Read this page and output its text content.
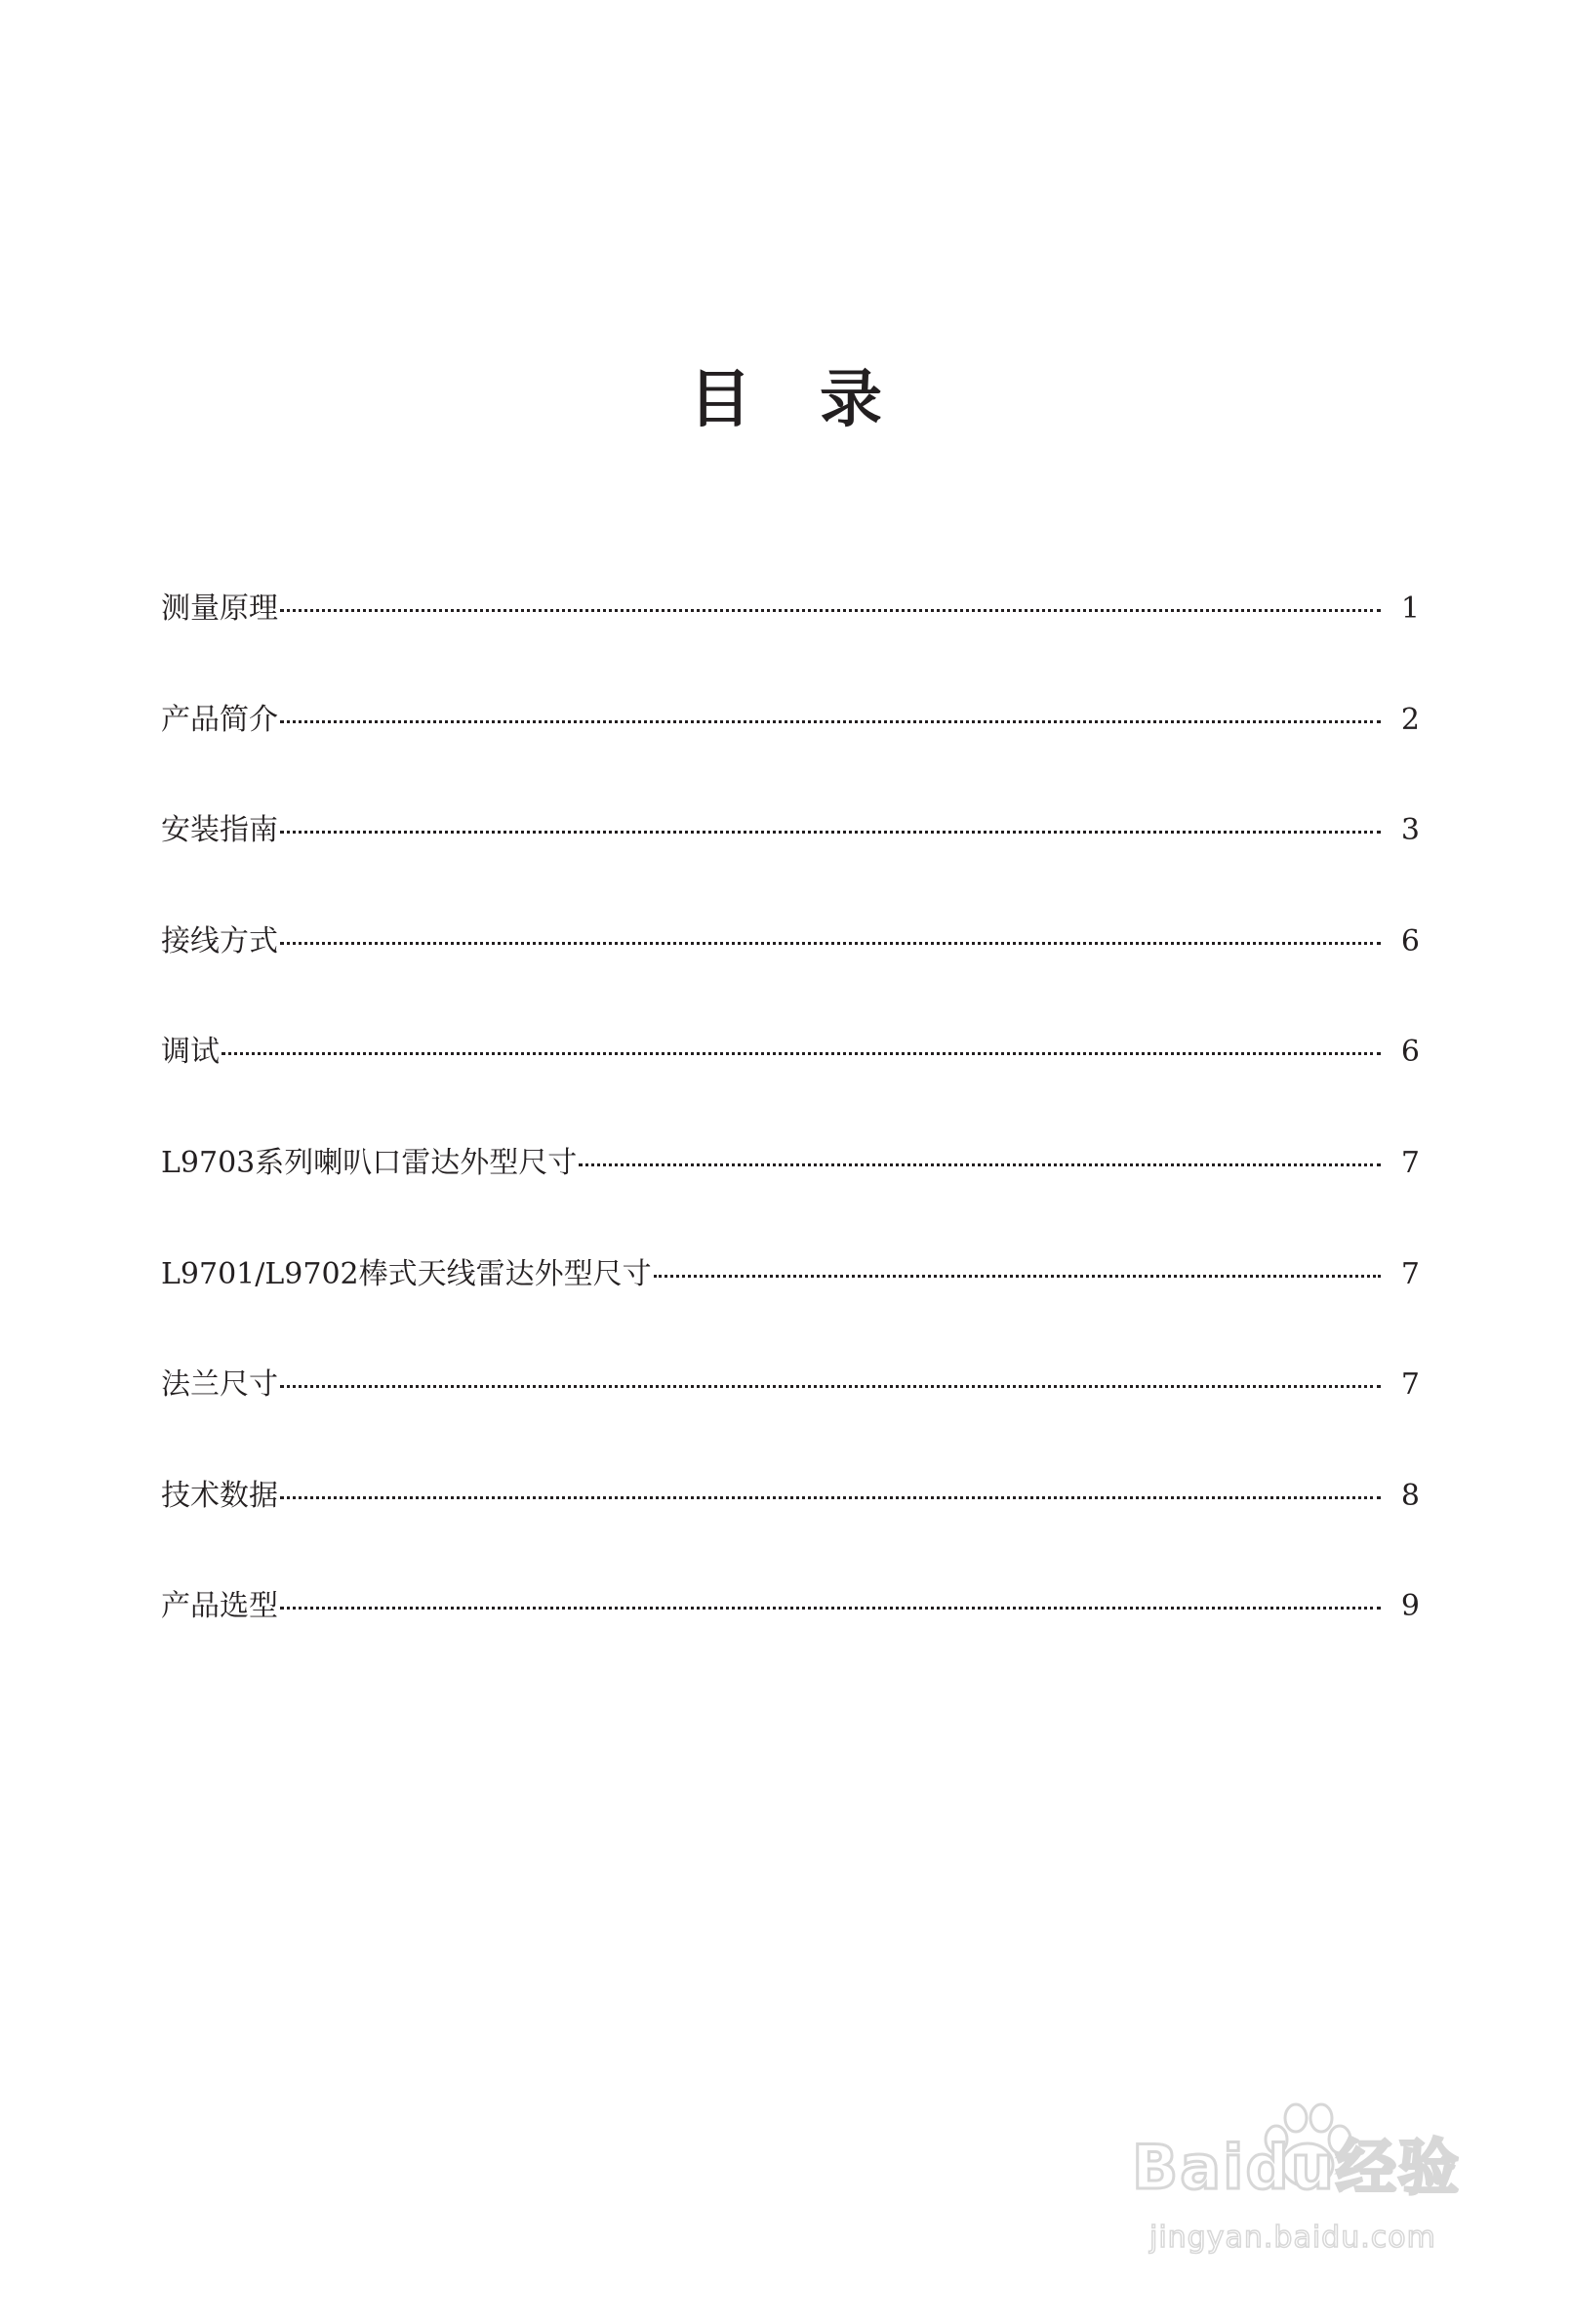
目录
测量原理	1
产品简介	2
安装指南	3
接线方式	6
调试	6
L9703系列喇叭口雷达外型尺寸	7
L9701/L9702棒式天线雷达外型尺寸	7
法兰尺寸	7
技术数据	8
产品选型	9
Baidu经验
jingyan.baidu.com
